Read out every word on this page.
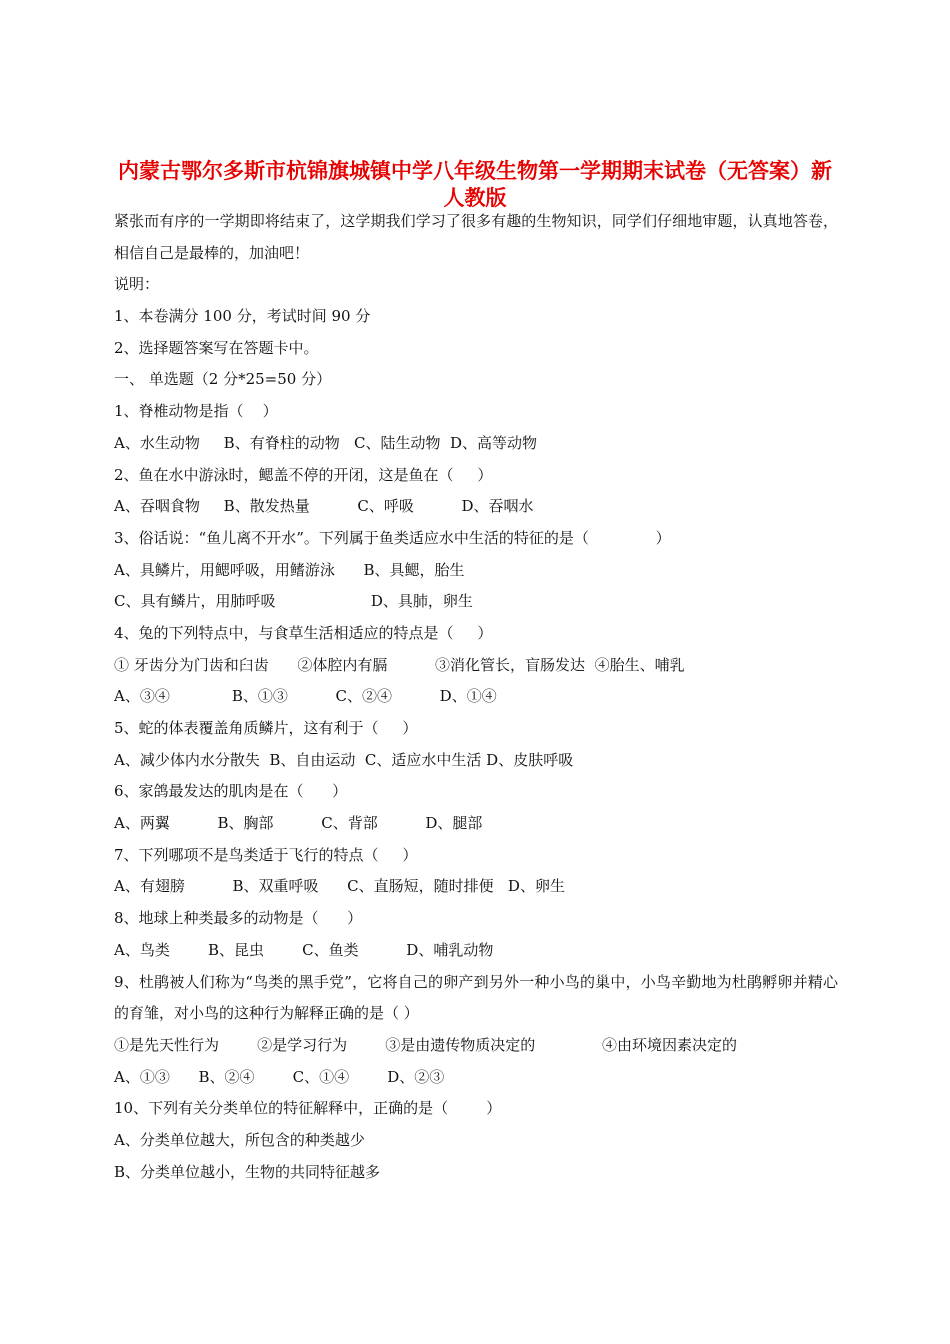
内蒙古鄂尔多斯市杭锦旗城镇中学八年级生物第一学期期末试卷（无答案）新人教版

紧张而有序的一学期即将结束了，这学期我们学习了很多有趣的生物知识，同学们仔细地审题，认真地答卷，相信自己是最棒的，加油吧！

说明：

1、本卷满分 100 分，考试时间 90 分

2、选择题答案写在答题卡中。

一、 单选题（2 分*25=50 分）

1、脊椎动物是指（    ）

A、水生动物     B、有脊柱的动物   C、陆生动物  D、高等动物

2、鱼在水中游泳时，鳃盖不停的开闭，这是鱼在（     ）

A、吞咽食物     B、散发热量          C、呼吸          D、吞咽水

3、俗话说：“鱼儿离不开水”。下列属于鱼类适应水中生活的特征的是（              ）

A、具鳞片，用鳃呼吸，用鳍游泳      B、具鳃，胎生

C、具有鳞片，用肺呼吸                    D、具肺，卵生

4、兔的下列特点中，与食草生活相适应的特点是（     ）

① 牙齿分为门齿和臼齿      ②体腔内有膈          ③消化管长，盲肠发达  ④胎生、哺乳

A、③④             B、①③          C、②④          D、①④

5、蛇的体表覆盖角质鳞片，这有利于（     ）

A、减少体内水分散失  B、自由运动  C、适应水中生活 D、皮肤呼吸

6、家鸽最发达的肌肉是在（      ）

A、两翼          B、胸部          C、背部          D、腿部

7、下列哪项不是鸟类适于飞行的特点（     ）

A、有翅膀          B、双重呼吸      C、直肠短，随时排便   D、卵生

8、地球上种类最多的动物是（      ）

A、鸟类        B、昆虫        C、鱼类          D、哺乳动物

9、杜鹃被人们称为“鸟类的黑手党”，它将自己的卵产到另外一种小鸟的巢中，小鸟辛勤地为杜鹃孵卵并精心的育雏，对小鸟的这种行为解释正确的是（ ）

①是先天性行为        ②是学习行为        ③是由遗传物质决定的              ④由环境因素决定的

A、①③      B、②④        C、①④        D、②③

10、下列有关分类单位的特征解释中，正确的是（        ）

A、分类单位越大，所包含的种类越少

B、分类单位越小，生物的共同特征越多
